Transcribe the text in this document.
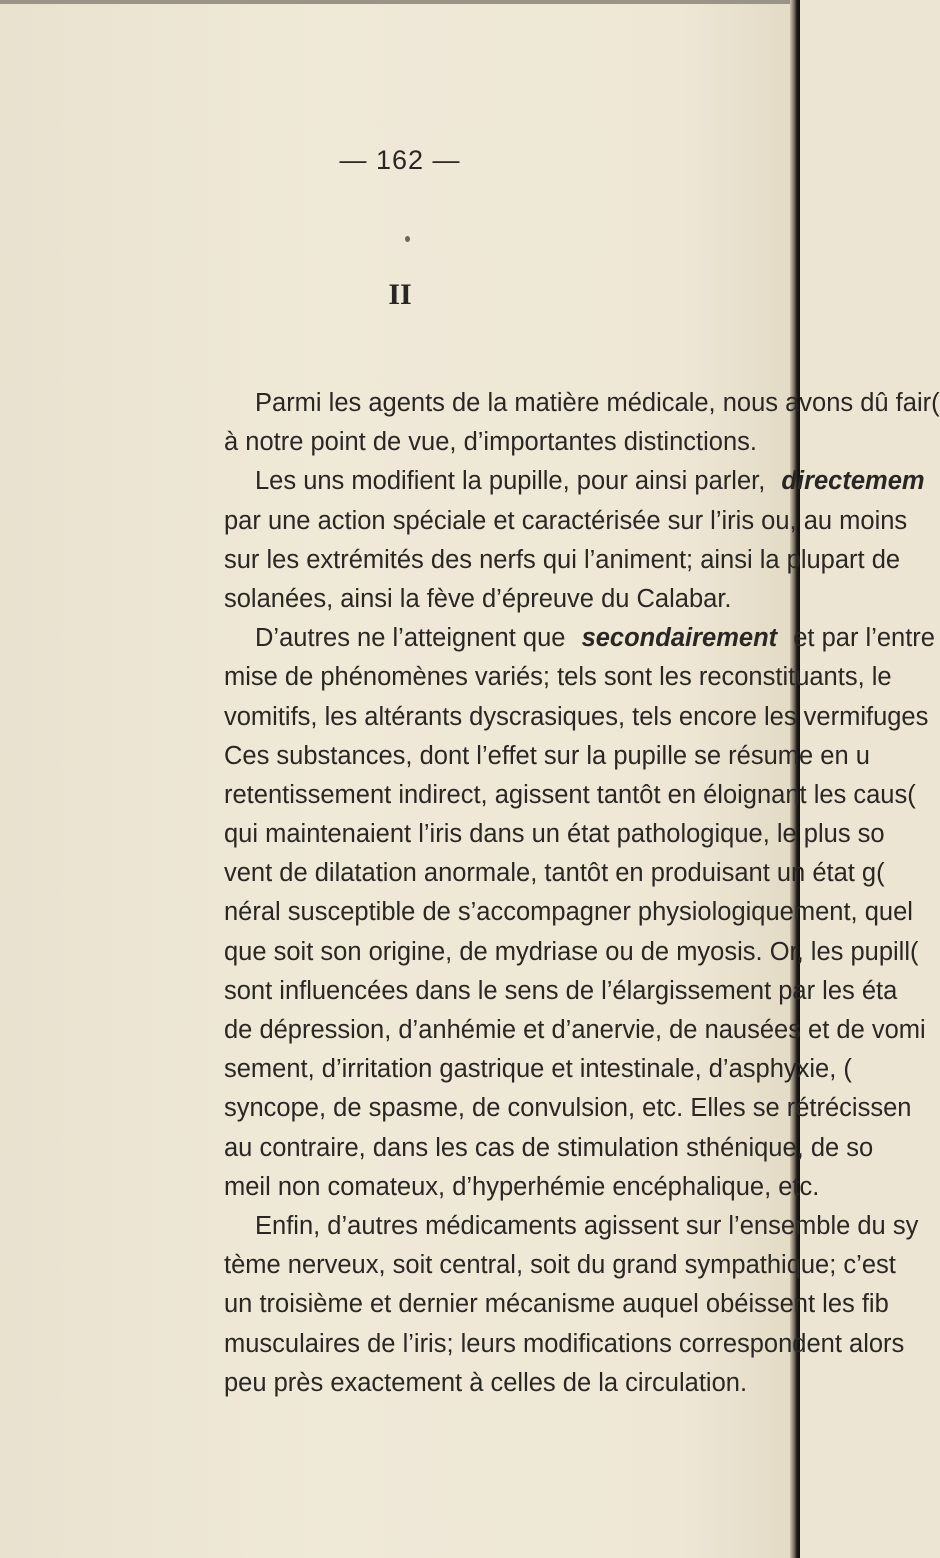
— 162 —
II
Parmi les agents de la matière médicale, nous avons dû fair(
à notre point de vue, d’importantes distinctions.
Les uns modifient la pupille, pour ainsi parler, directemem
par une action spéciale et caractérisée sur l’iris ou, au moins
sur les extrémités des nerfs qui l’animent; ainsi la plupart de
solanées, ainsi la fève d’épreuve du Calabar.
D’autres ne l’atteignent que secondairement et par l’entre
mise de phénomènes variés; tels sont les reconstituants, le
vomitifs, les altérants dyscrasiques, tels encore les vermifuges
Ces substances, dont l’effet sur la pupille se résume en u
retentissement indirect, agissent tantôt en éloignant les caus(
qui maintenaient l’iris dans un état pathologique, le plus so
vent de dilatation anormale, tantôt en produisant un état g(
néral susceptible de s’accompagner physiologiquement, quel
que soit son origine, de mydriase ou de myosis. Or, les pupill(
sont influencées dans le sens de l’élargissement par les éta
de dépression, d’anhémie et d’anervie, de nausées et de vomi
sement, d’irritation gastrique et intestinale, d’asphyxie, (
syncope, de spasme, de convulsion, etc. Elles se rétrécissen
au contraire, dans les cas de stimulation sthénique, de so
meil non comateux, d’hyperhémie encéphalique, etc.
Enfin, d’autres médicaments agissent sur l’ensemble du sy
tème nerveux, soit central, soit du grand sympathique; c’est
un troisième et dernier mécanisme auquel obéissent les fib
musculaires de l’iris; leurs modifications correspondent alors
peu près exactement à celles de la circulation.
